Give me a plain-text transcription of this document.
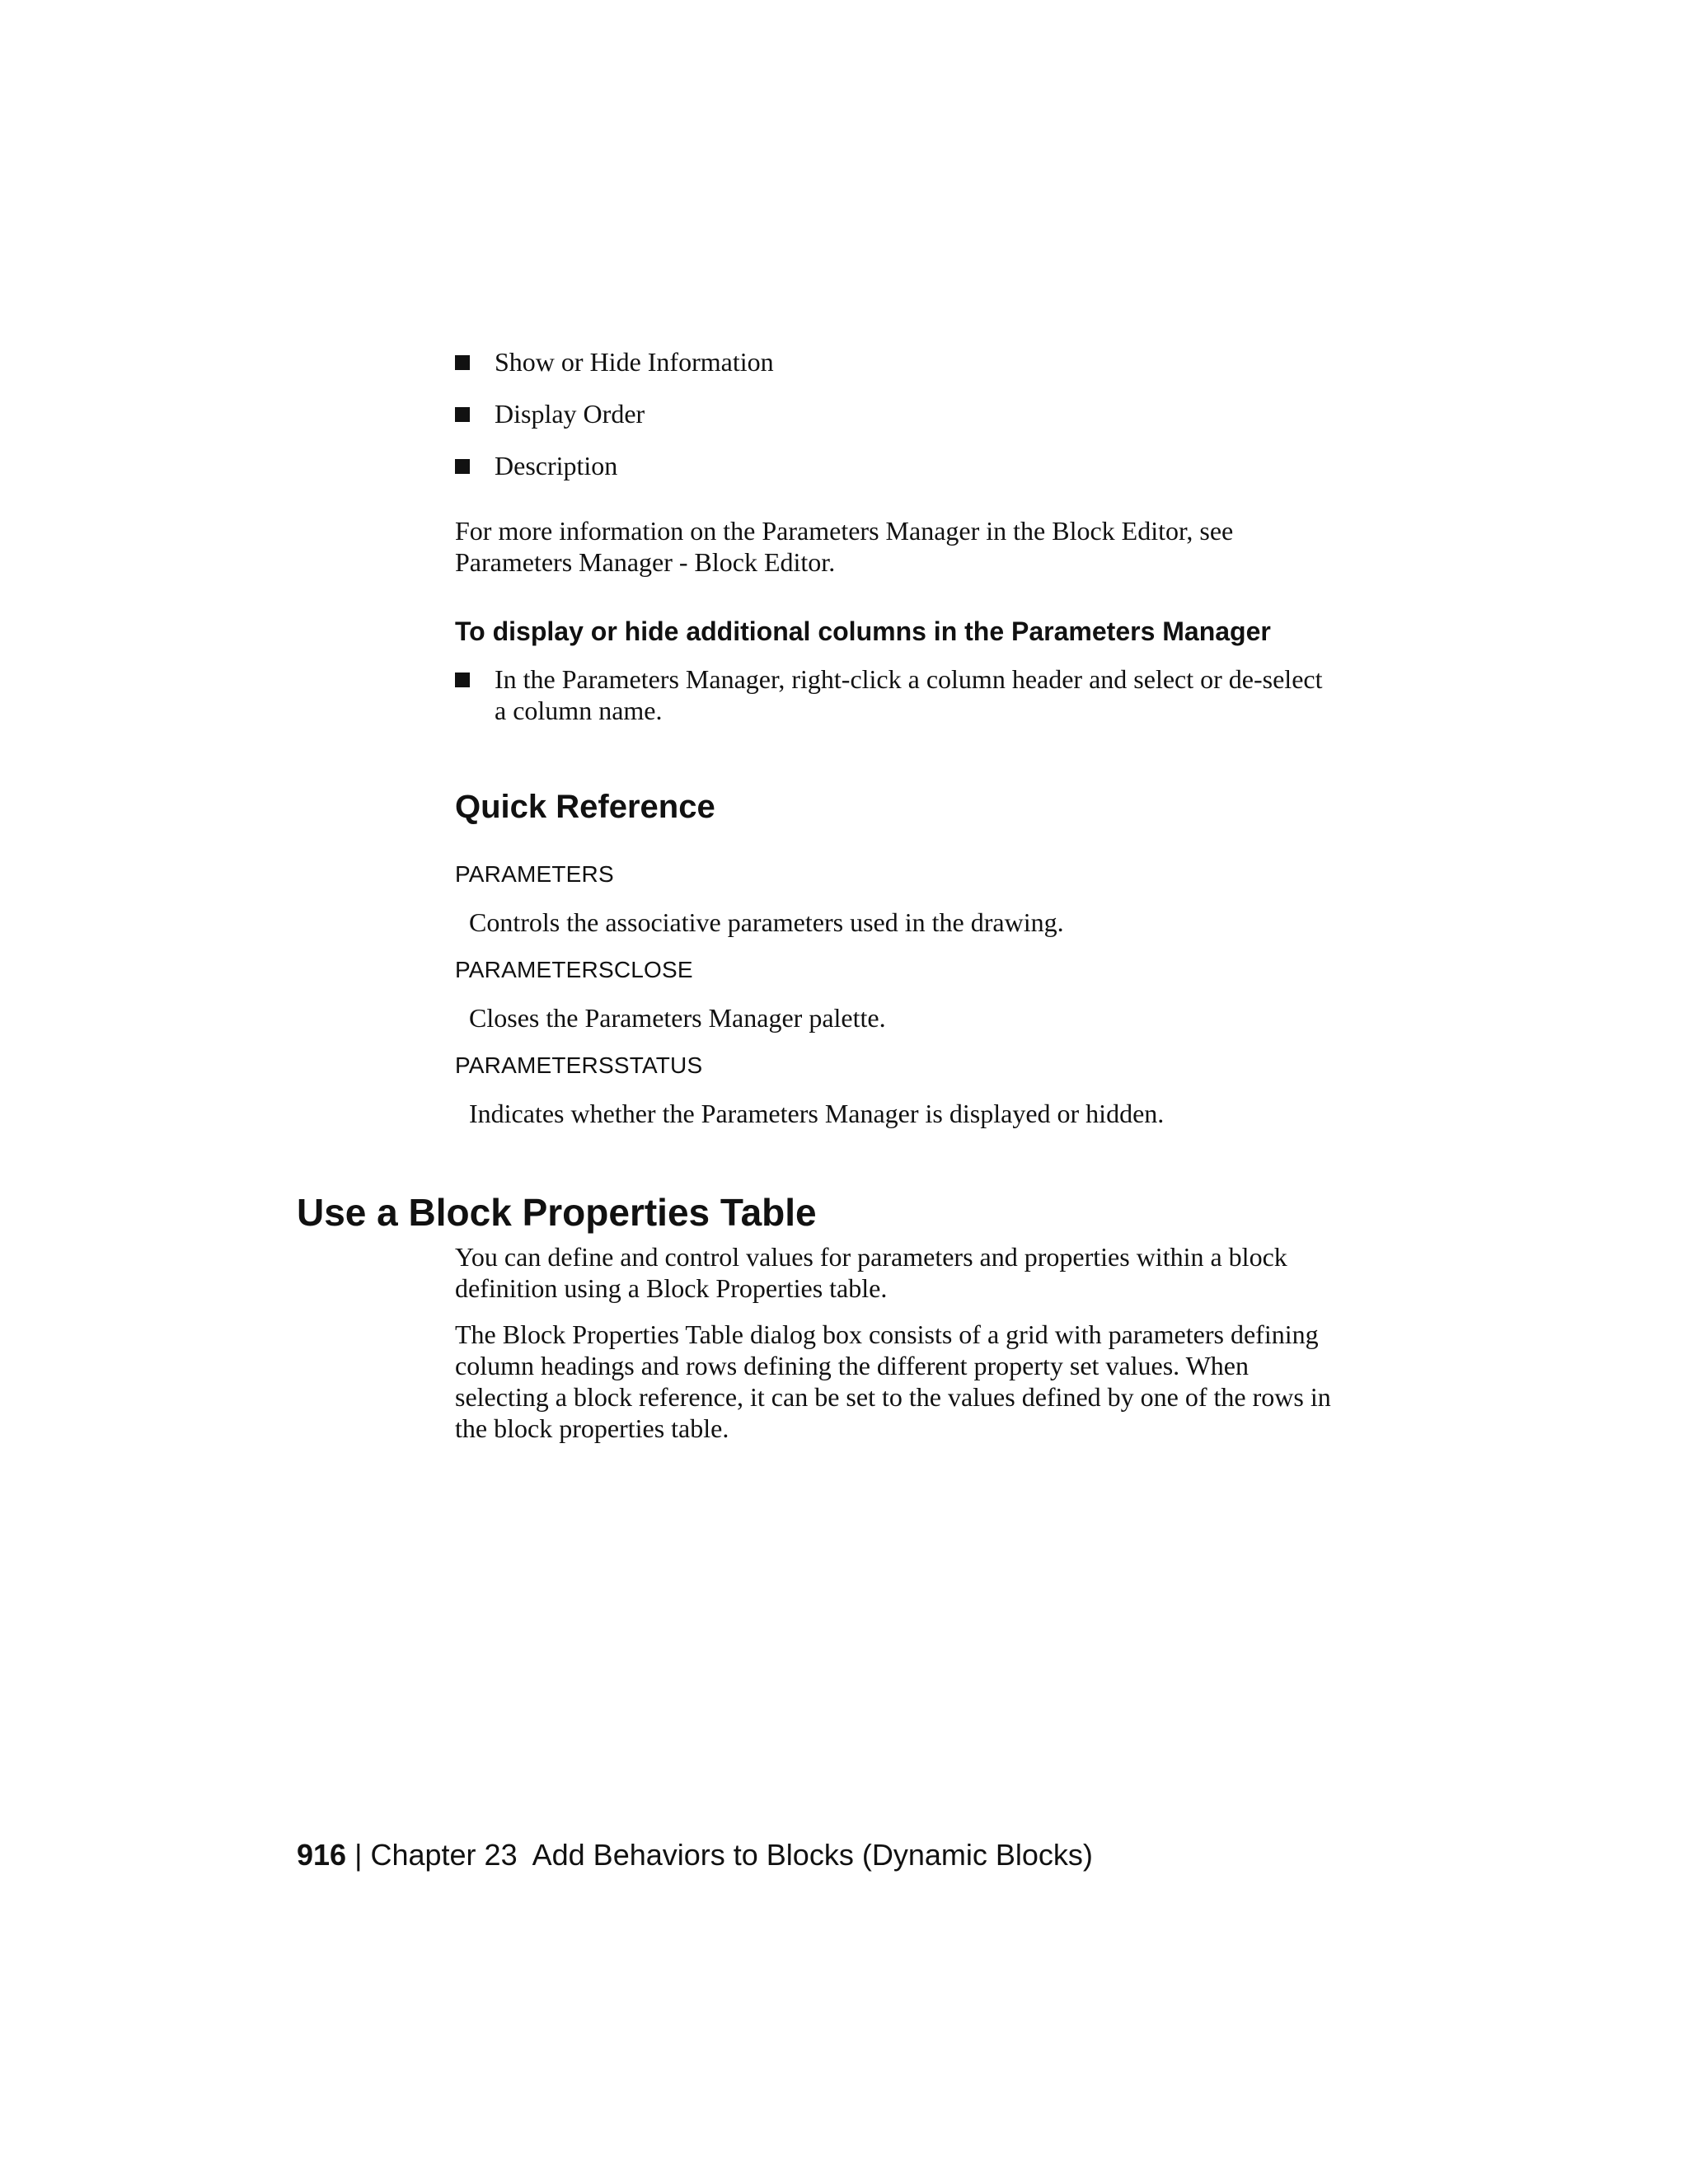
Show or Hide Information
Display Order
Description

For more information on the Parameters Manager in the Block Editor, see Parameters Manager - Block Editor.

To display or hide additional columns in the Parameters Manager
In the Parameters Manager, right-click a column header and select or de-select a column name.
Quick Reference

PARAMETERS

Controls the associative parameters used in the drawing.

PARAMETERSCLOSE

Closes the Parameters Manager palette.

PARAMETERSSTATUS

Indicates whether the Parameters Manager is displayed or hidden.

Use a Block Properties Table

You can define and control values for parameters and properties within a block definition using a Block Properties table.

The Block Properties Table dialog box consists of a grid with parameters defining column headings and rows defining the different property set values. When selecting a block reference, it can be set to the values defined by one of the rows in the block properties table.

916 | Chapter 23 Add Behaviors to Blocks (Dynamic Blocks)
